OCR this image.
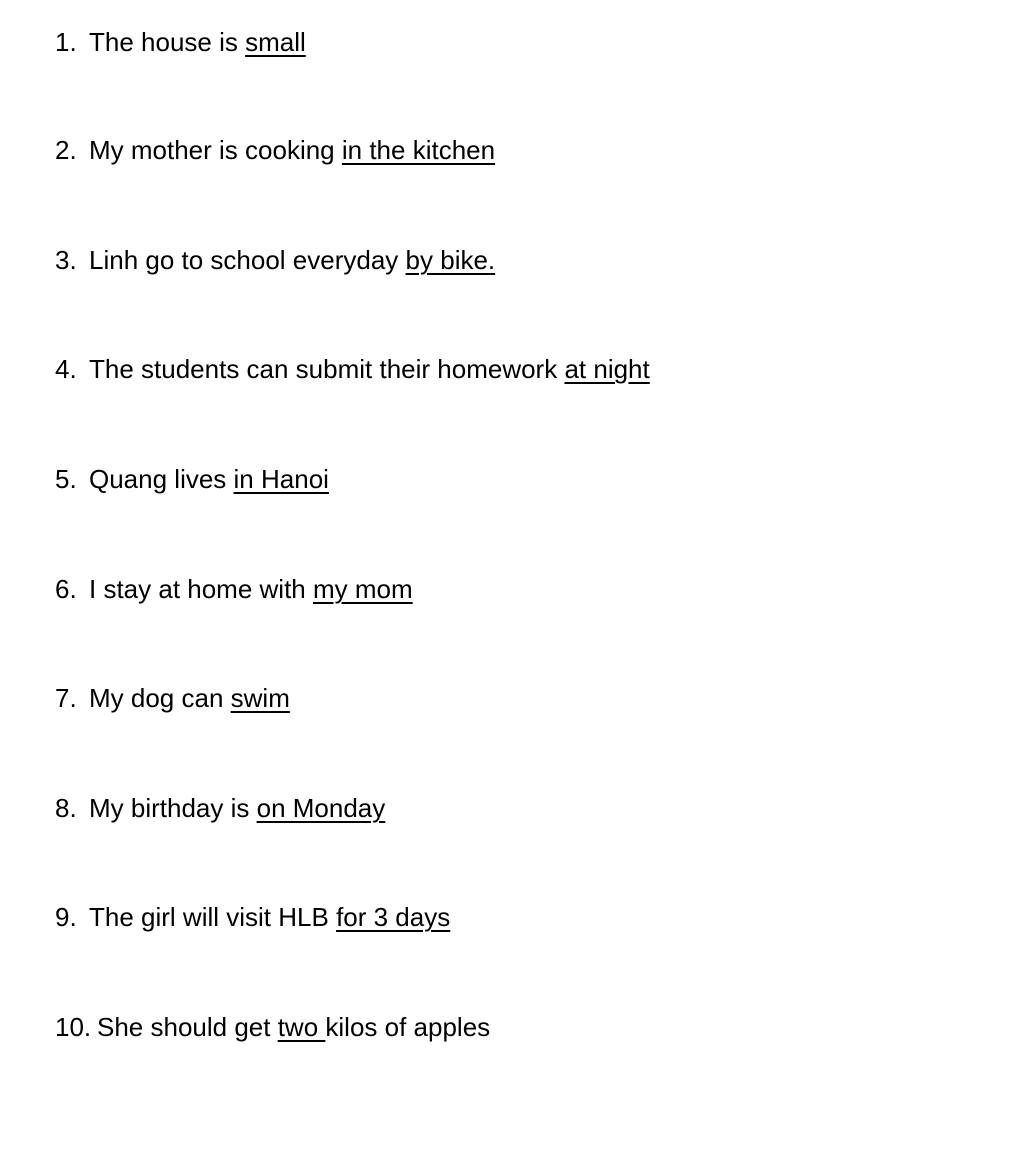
1. The house is small
2. My mother is cooking in the kitchen
3. Linh go to school everyday by bike.
4. The students can submit their homework at night
5. Quang lives in Hanoi
6. I stay at home with my mom
7. My dog can swim
8. My birthday is on Monday
9. The girl will visit HLB for 3 days
10. She should get two kilos of apples
